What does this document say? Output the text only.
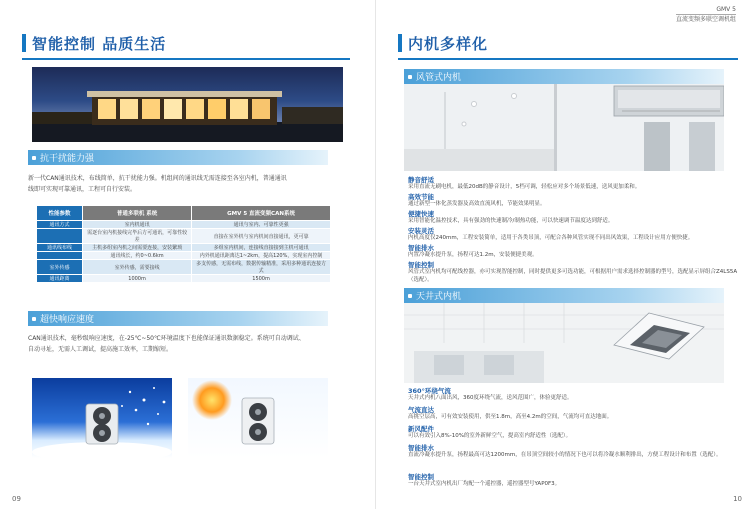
智能控制 品质生活
抗干扰能力强
新一代CAN通讯技术，布线简单，抗干扰能力强。机组间的通讯线无需连接至各室内机，普通通讯
线即可实现可靠通讯，工程可自行安装。
性能参数	普通多联机 系统	GMV 5 直流变频CAN系统
通讯方式	室内机通讯	通讯与室内、可靠性更强
	需逐台室内机接线完毕后方可通讯，可靠性较差	直接在室外机与室内机间直接通讯，更可靠
通讯线布线	主机多组室内机之间需要连接，安装繁琐	多组室内机间，连接线直接接到主机可通讯
	通讯线长，约0~0.6km	内外机通讯距离达1~2km，提高120%，实现室内控制
室外传感	室外传感，需要接线	多支传感，无需布线，数据传输精准，采用多种通讯连接方式
通讯距离	1000m	1500m
超快响应速度
CAN通讯技术，毫秒级响应速度，在-25℃~50℃环境温度下也能保证通讯数据稳定。系统可自动调试、
自动寻址，无需人工调试，提高施工效率，工期缩短。
09
GMV 5
直流变频多联空调机组
内机多样化
风管式内机
静音舒适
采用直流无刷电机，最低20dB的静音设计，5档可调，轻松应对多个场景低速，送风更加柔和。
高效节能
通过新型一体化蒸发器及高效直流风机，节能效果明显。
便捷快速
采用智能化温控技术，具有强劲的快速制冷/制热功能，可以快速调节温度达到舒适。
安装灵活
内机高度仅240mm，工程安装简单，适用于各类吊顶，可配合各种风管实现不同出风效果，工程设计应用方便快捷。
智能排水
内置冷凝水提升泵，扬程可达1.2m，安装便捷美观。
智能控制
风管式室内机均可配线控器，亦可实现智能控制，同时提供更多可选功能，可根据用户需求选择控制器的型号，选配显示屏组合Z4LS5A（选配）。
天井式内机
360°环绕气流
天井式内机八面出风，360度环绕气流，送风范围广，体验更舒适。
气流直达
高挑空层高，可有效安装使用，供至1.8m，高至4.2m的空间，气流均可直达地面。
新风配件
可以有效引入8%-10%的室外新鲜空气，提高室内舒适性（选配）。
智能排水
直流冷凝水提升泵，扬程最高可达1200mm，在吊顶空间较小的情况下也可以将冷凝水顺利排出，方便工程设计和布置（选配）。
智能控制
一台天井式室内机出厂均配一个遥控器，遥控器型号YAP0F3。
10
